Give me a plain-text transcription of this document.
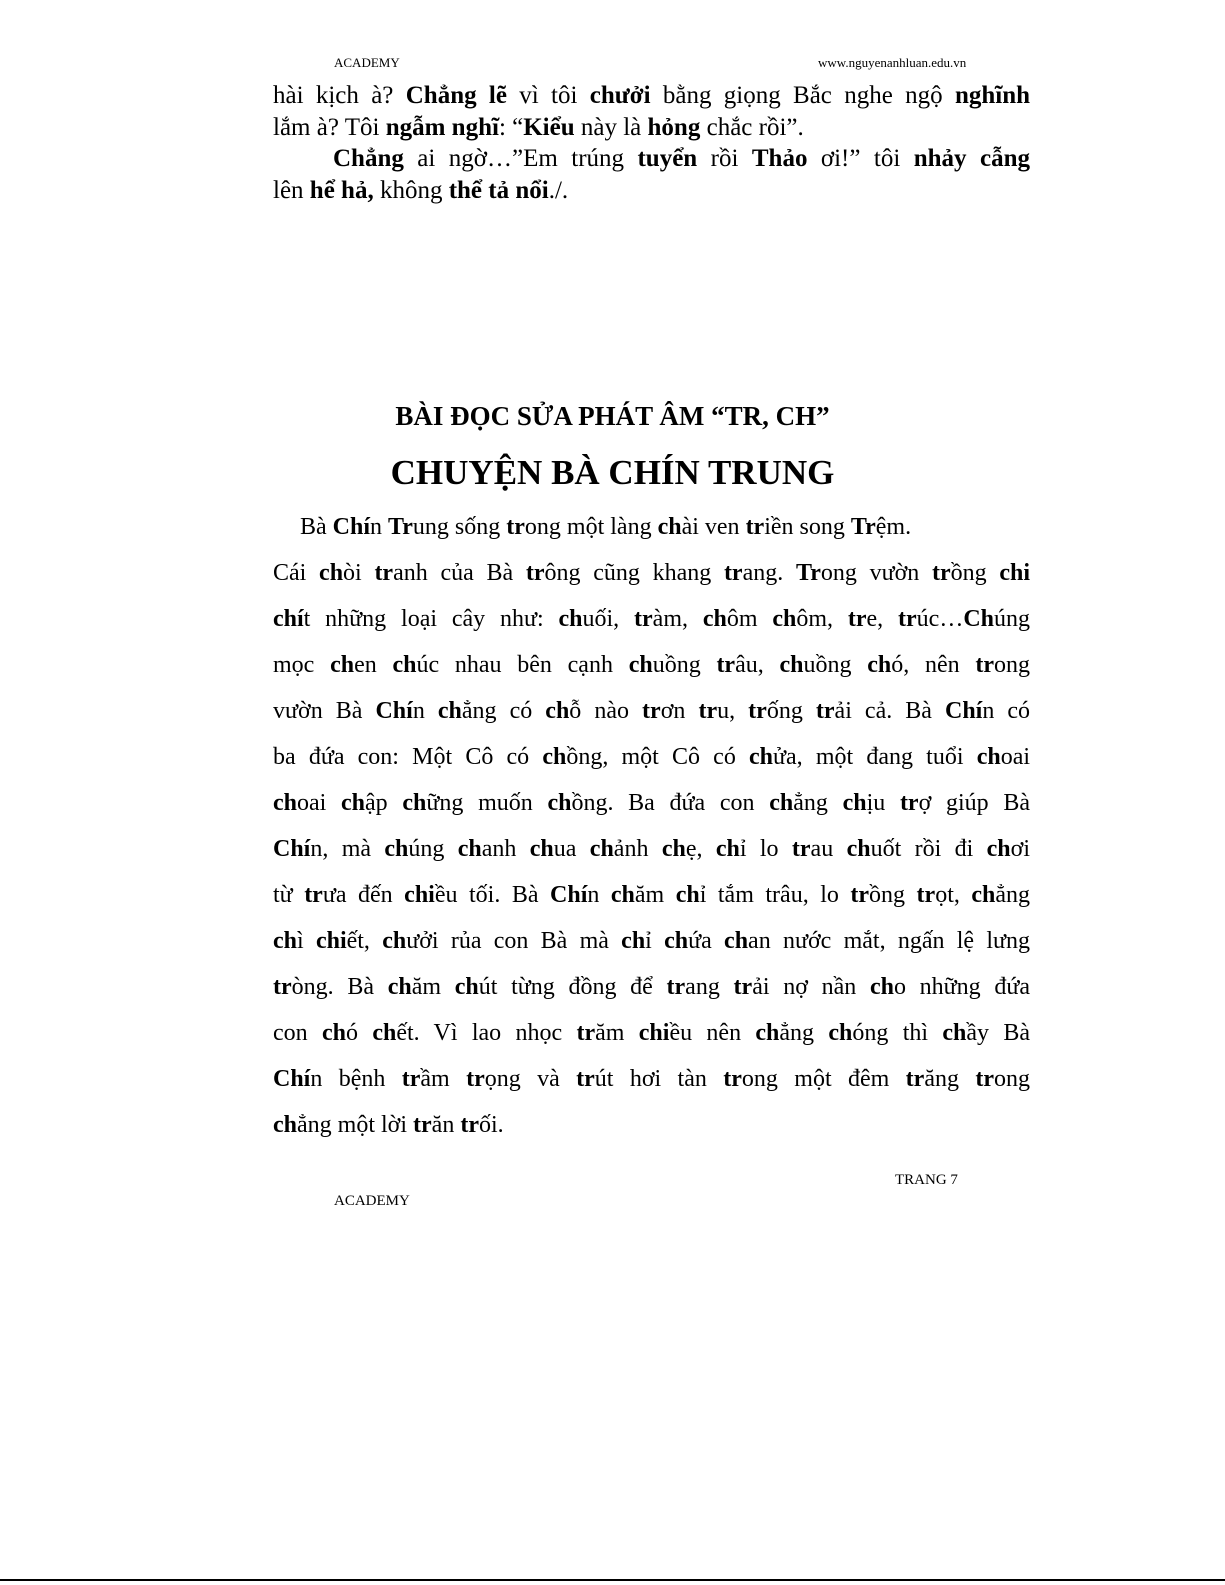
ACADEMY	www.nguyenanhluan.edu.vn
hài kịch à? Chẳng lẽ vì tôi chưởi bằng giọng Bắc nghe ngộ nghĩnh
lắm à? Tôi ngẫm nghĩ: “Kiểu này là hỏng chắc rồi”.
Chẳng ai ngờ…”Em trúng tuyển rồi Thảo ơi!” tôi nhảy cẫng
lên hể hả, không thể tả nổi./.
BÀI ĐỌC SỬA PHÁT ÂM “TR, CH”
CHUYỆN BÀ CHÍN TRUNG
Bà Chín Trung sống trong một làng chài ven triền song Trệm.
Cái chòi tranh của Bà trông cũng khang trang. Trong vườn trồng chi
chít những loại cây như: chuối, tràm, chôm chôm, tre, trúc…Chúng
mọc chen chúc nhau bên cạnh chuồng trâu, chuồng chó, nên trong
vườn Bà Chín chẳng có chỗ nào trơn tru, trống trải cả. Bà Chín có
ba đứa con: Một Cô có chồng, một Cô có chửa, một đang tuổi choai
choai chập chững muốn chồng. Ba đứa con chẳng chịu trợ giúp Bà
Chín, mà chúng chanh chua chảnh chẹ, chỉ lo trau chuốt rồi đi chơi
từ trưa đến chiều tối. Bà Chín chăm chỉ tắm trâu, lo trồng trọt, chẳng
chì chiết, chưởi rủa con Bà mà chỉ chứa chan nước mắt, ngấn lệ lưng
tròng. Bà chăm chút từng đồng để trang trải nợ nần cho những đứa
con chó chết. Vì lao nhọc trăm chiều nên chẳng chóng thì chầy Bà
Chín bệnh trầm trọng và trút hơi tàn trong một đêm trăng trong
chẳng một lời trăn trối.
TRANG 7
ACADEMY
